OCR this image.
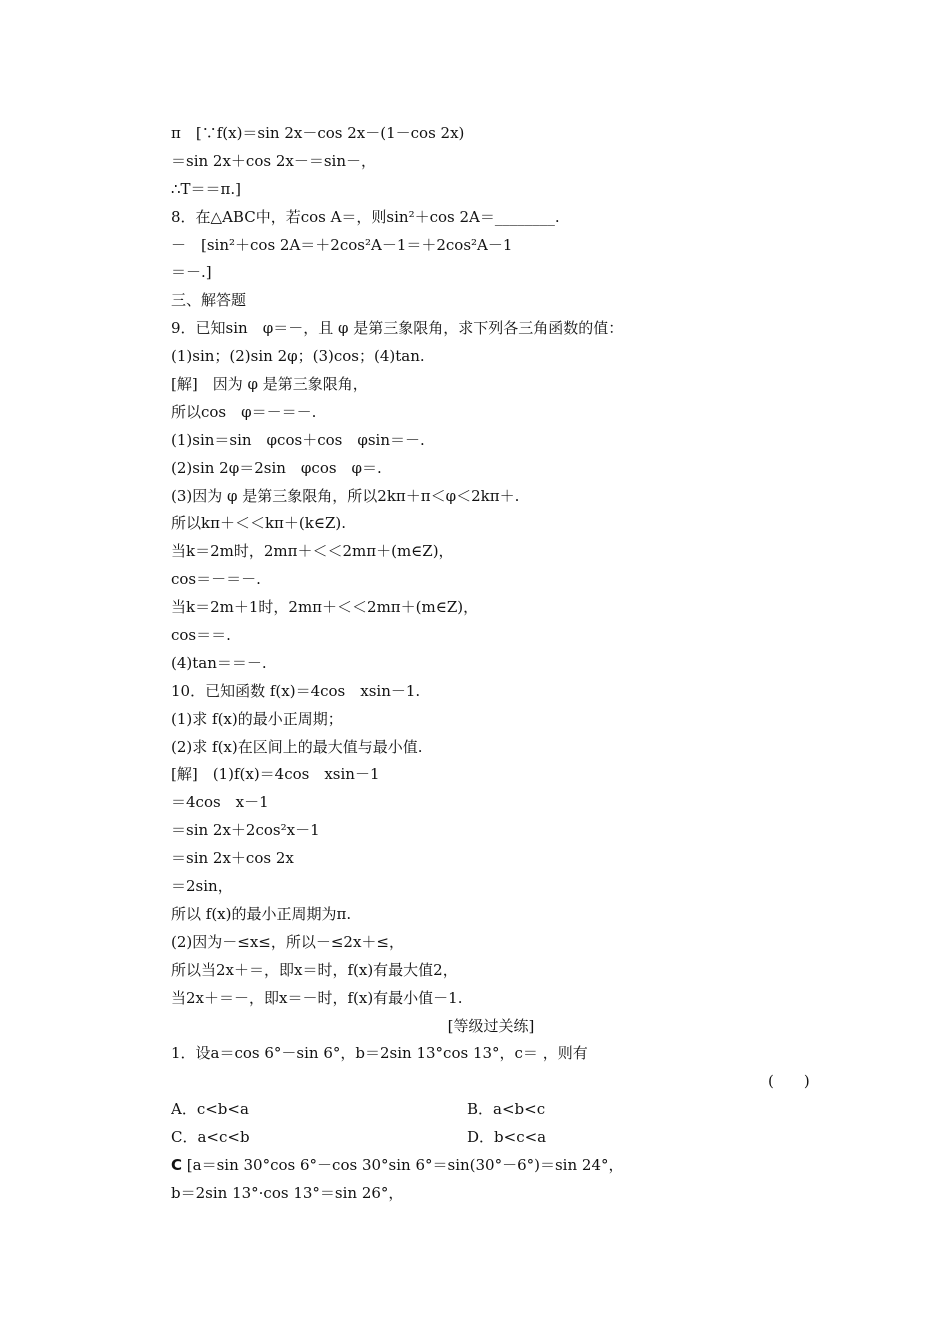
π　[∵f(x)＝sin 2x－cos 2x－(1－cos 2x)
＝sin 2x＋cos 2x－＝sin－，
∴T＝＝π.]
8．在△ABC中，若cos A＝，则sin²＋cos 2A＝________.
－　[sin²＋cos 2A＝＋2cos²A－1＝＋2cos²A－1
＝－.]
三、解答题
9．已知sin　φ＝－，且 φ 是第三象限角，求下列各三角函数的值：
(1)sin；(2)sin 2φ；(3)cos；(4)tan.
[解]　因为 φ 是第三象限角，
所以cos　φ＝－＝－.
(1)sin＝sin　φcos＋cos　φsin＝－.
(2)sin 2φ＝2sin　φcos　φ＝.
(3)因为 φ 是第三象限角，所以2kπ＋π＜φ＜2kπ＋.
所以kπ＋＜＜kπ＋(k∈Z).
当k＝2m时，2mπ＋＜＜2mπ＋(m∈Z)，
cos＝－＝－.
当k＝2m＋1时，2mπ＋＜＜2mπ＋(m∈Z)，
cos＝＝.
(4)tan＝＝－.
10．已知函数 f(x)＝4cos　xsin－1.
(1)求 f(x)的最小正周期；
(2)求 f(x)在区间上的最大值与最小值.
[解]　(1)f(x)＝4cos　xsin－1
＝4cos　x－1
＝sin 2x＋2cos²x－1
＝sin 2x＋cos 2x
＝2sin，
所以 f(x)的最小正周期为π.
(2)因为－≤x≤，所以－≤2x＋≤，
所以当2x＋＝，即x＝时，f(x)有最大值2，
当2x＋＝－，即x＝－时，f(x)有最小值－1.
[等级过关练]
1．设a＝cos 6°－sin 6°，b＝2sin 13°cos 13°，c＝ ，则有
(　　)
A．c<b<a	B．a<b<c
C．a<c<b	D．b<c<a
C [a＝sin 30°cos 6°－cos 30°sin 6°＝sin(30°－6°)＝sin 24°，
b＝2sin 13°·cos 13°＝sin 26°，
